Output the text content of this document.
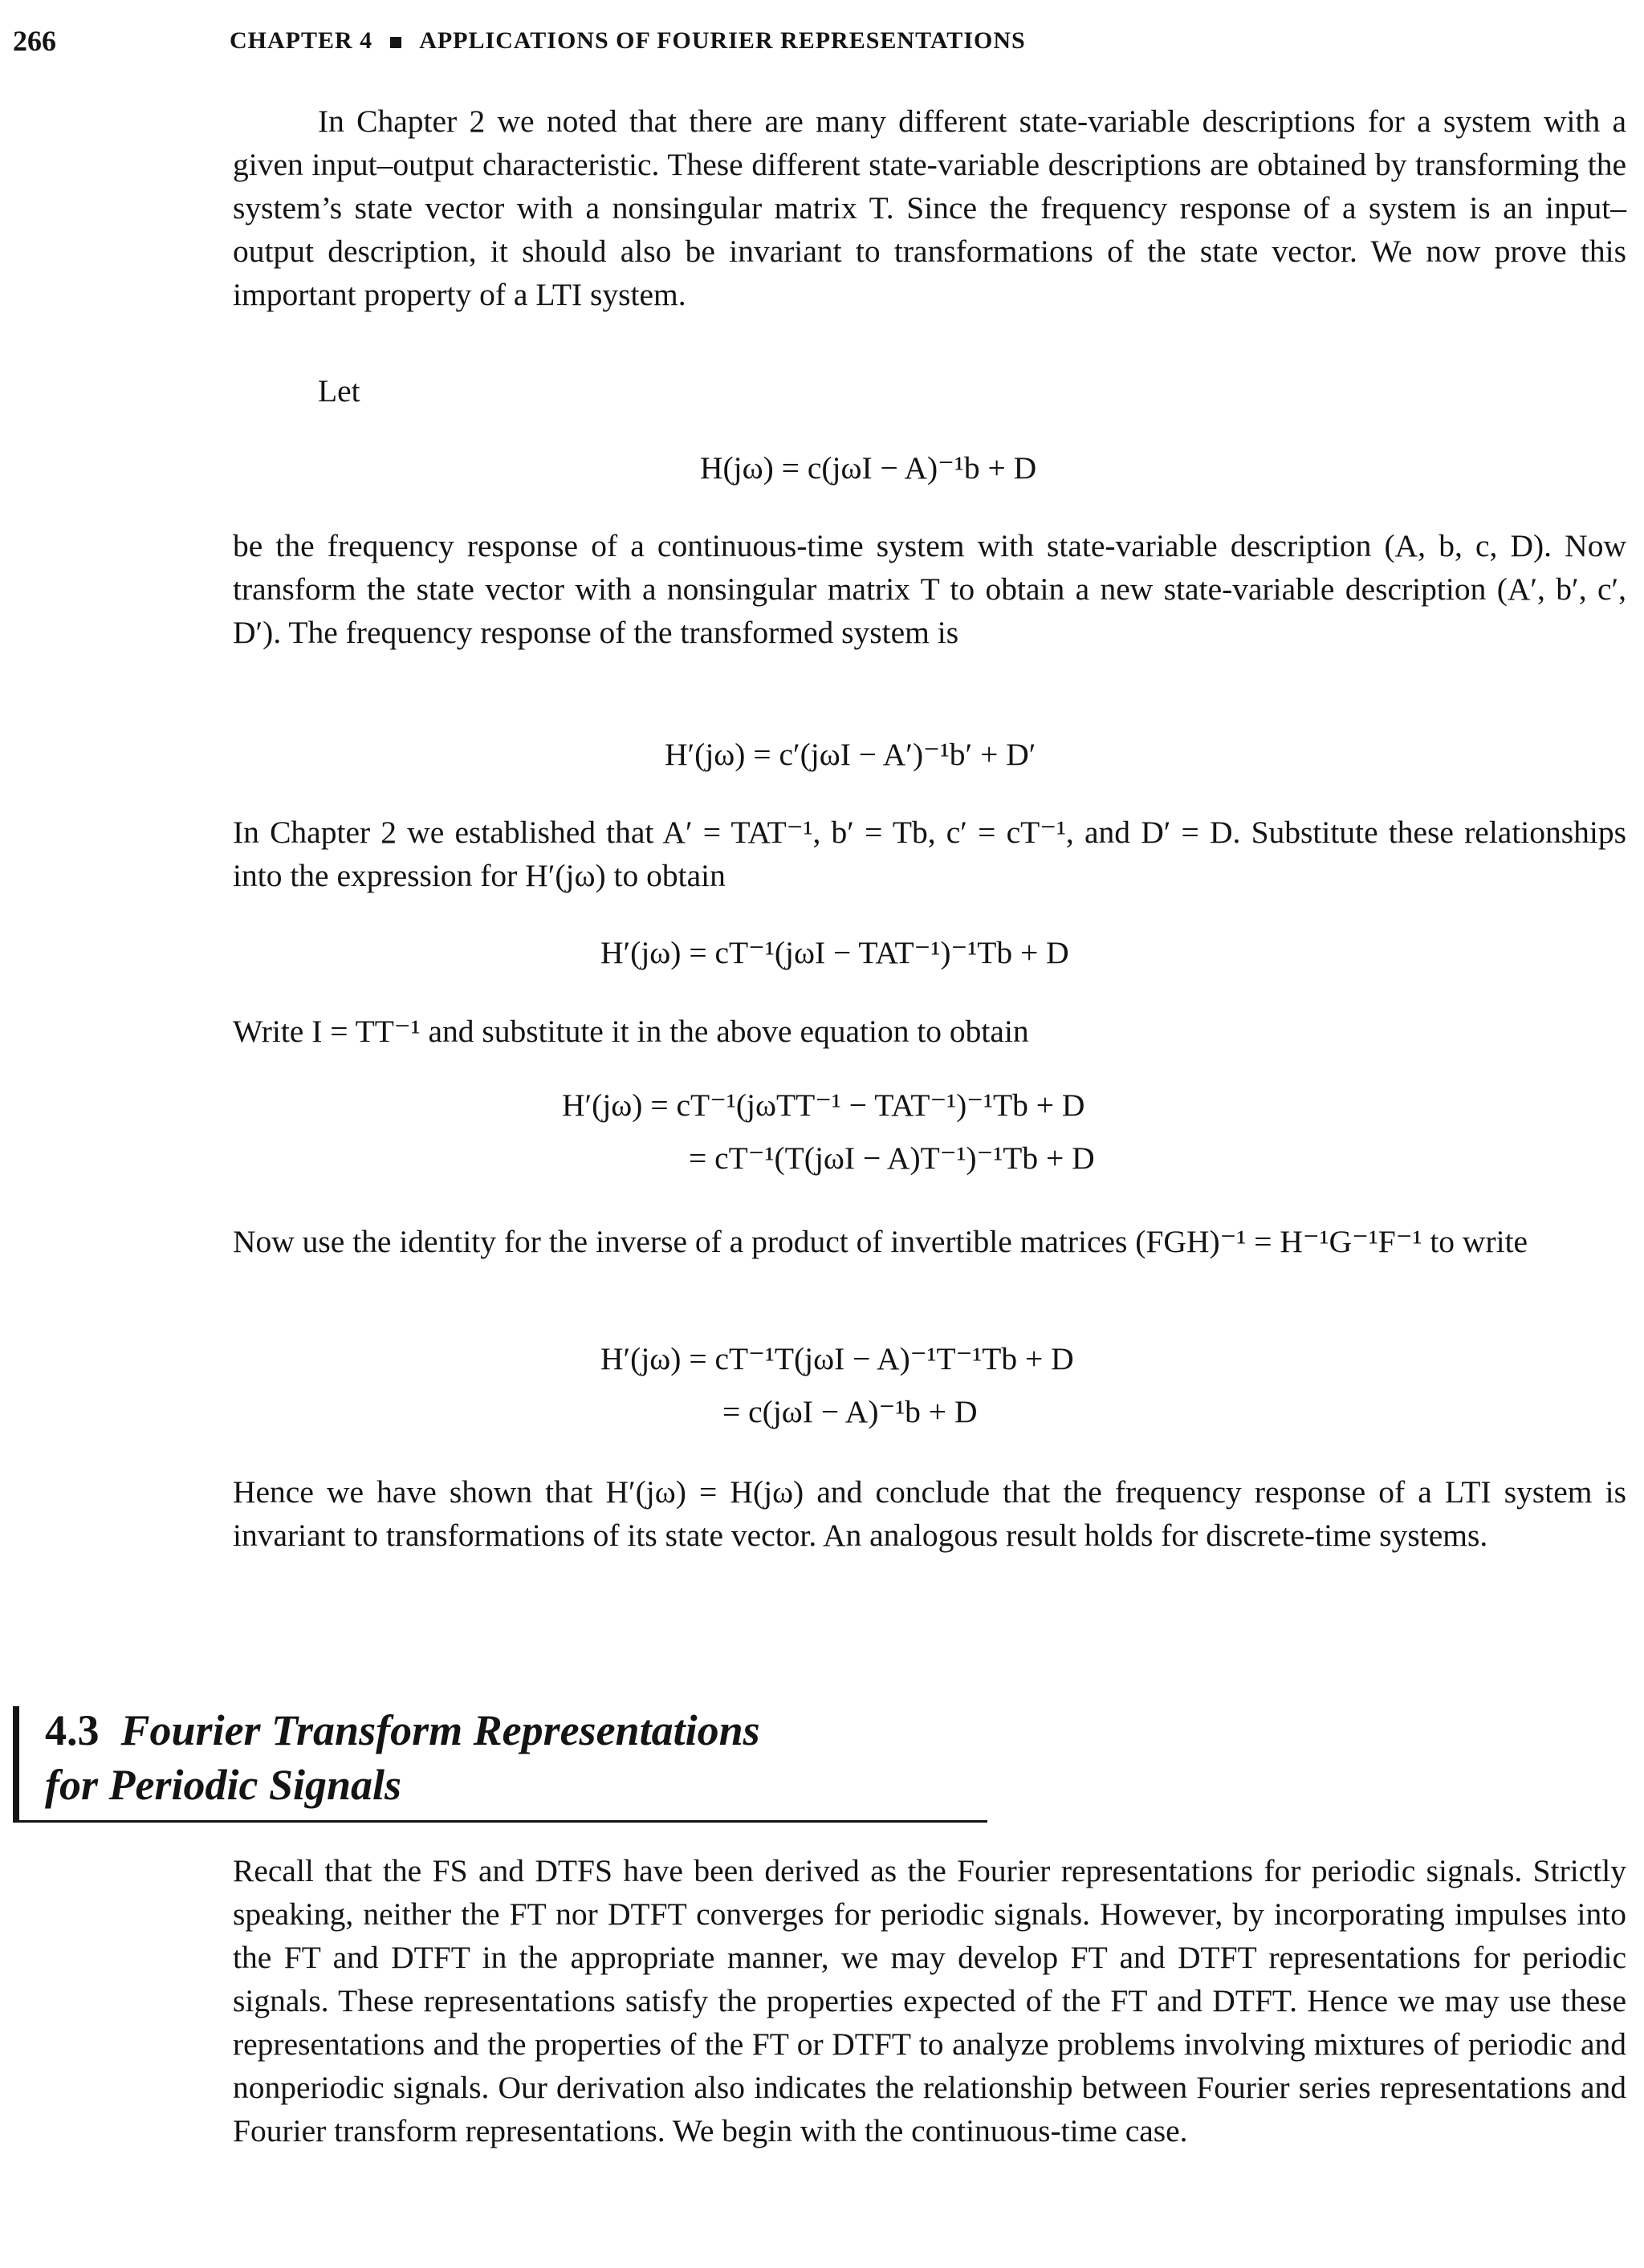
266	CHAPTER 4 APPLICATIONS OF FOURIER REPRESENTATIONS

In Chapter 2 we noted that there are many different state-variable descriptions for a system with a given input–output characteristic. These different state-variable descriptions are obtained by transforming the system’s state vector with a nonsingular matrix T. Since the frequency response of a system is an input–output description, it should also be invariant to transformations of the state vector. We now prove this important property of a LTI system.

Let

H(jω) = c(jωI − A)⁻¹b + D

be the frequency response of a continuous-time system with state-variable description (A, b, c, D). Now transform the state vector with a nonsingular matrix T to obtain a new state-variable description (A′, b′, c′, D′). The frequency response of the transformed system is

H′(jω) = c′(jωI − A′)⁻¹b′ + D′

In Chapter 2 we established that A′ = TAT⁻¹, b′ = Tb, c′ = cT⁻¹, and D′ = D. Substitute these relationships into the expression for H′(jω) to obtain

H′(jω) = cT⁻¹(jωI − TAT⁻¹)⁻¹Tb + D

Write I = TT⁻¹ and substitute it in the above equation to obtain

H′(jω) = cT⁻¹(jωTT⁻¹ − TAT⁻¹)⁻¹Tb + D
= cT⁻¹(T(jωI − A)T⁻¹)⁻¹Tb + D

Now use the identity for the inverse of a product of invertible matrices (FGH)⁻¹ = H⁻¹G⁻¹F⁻¹ to write

H′(jω) = cT⁻¹T(jωI − A)⁻¹T⁻¹Tb + D
= c(jωI − A)⁻¹b + D

Hence we have shown that H′(jω) = H(jω) and conclude that the frequency response of a LTI system is invariant to transformations of its state vector. An analogous result holds for discrete-time systems.

4.3 Fourier Transform Representations
for Periodic Signals

Recall that the FS and DTFS have been derived as the Fourier representations for periodic signals. Strictly speaking, neither the FT nor DTFT converges for periodic signals. However, by incorporating impulses into the FT and DTFT in the appropriate manner, we may develop FT and DTFT representations for periodic signals. These representations satisfy the properties expected of the FT and DTFT. Hence we may use these representations and the properties of the FT or DTFT to analyze problems involving mixtures of periodic and nonperiodic signals. Our derivation also indicates the relationship between Fourier series representations and Fourier transform representations. We begin with the continuous-time case.
